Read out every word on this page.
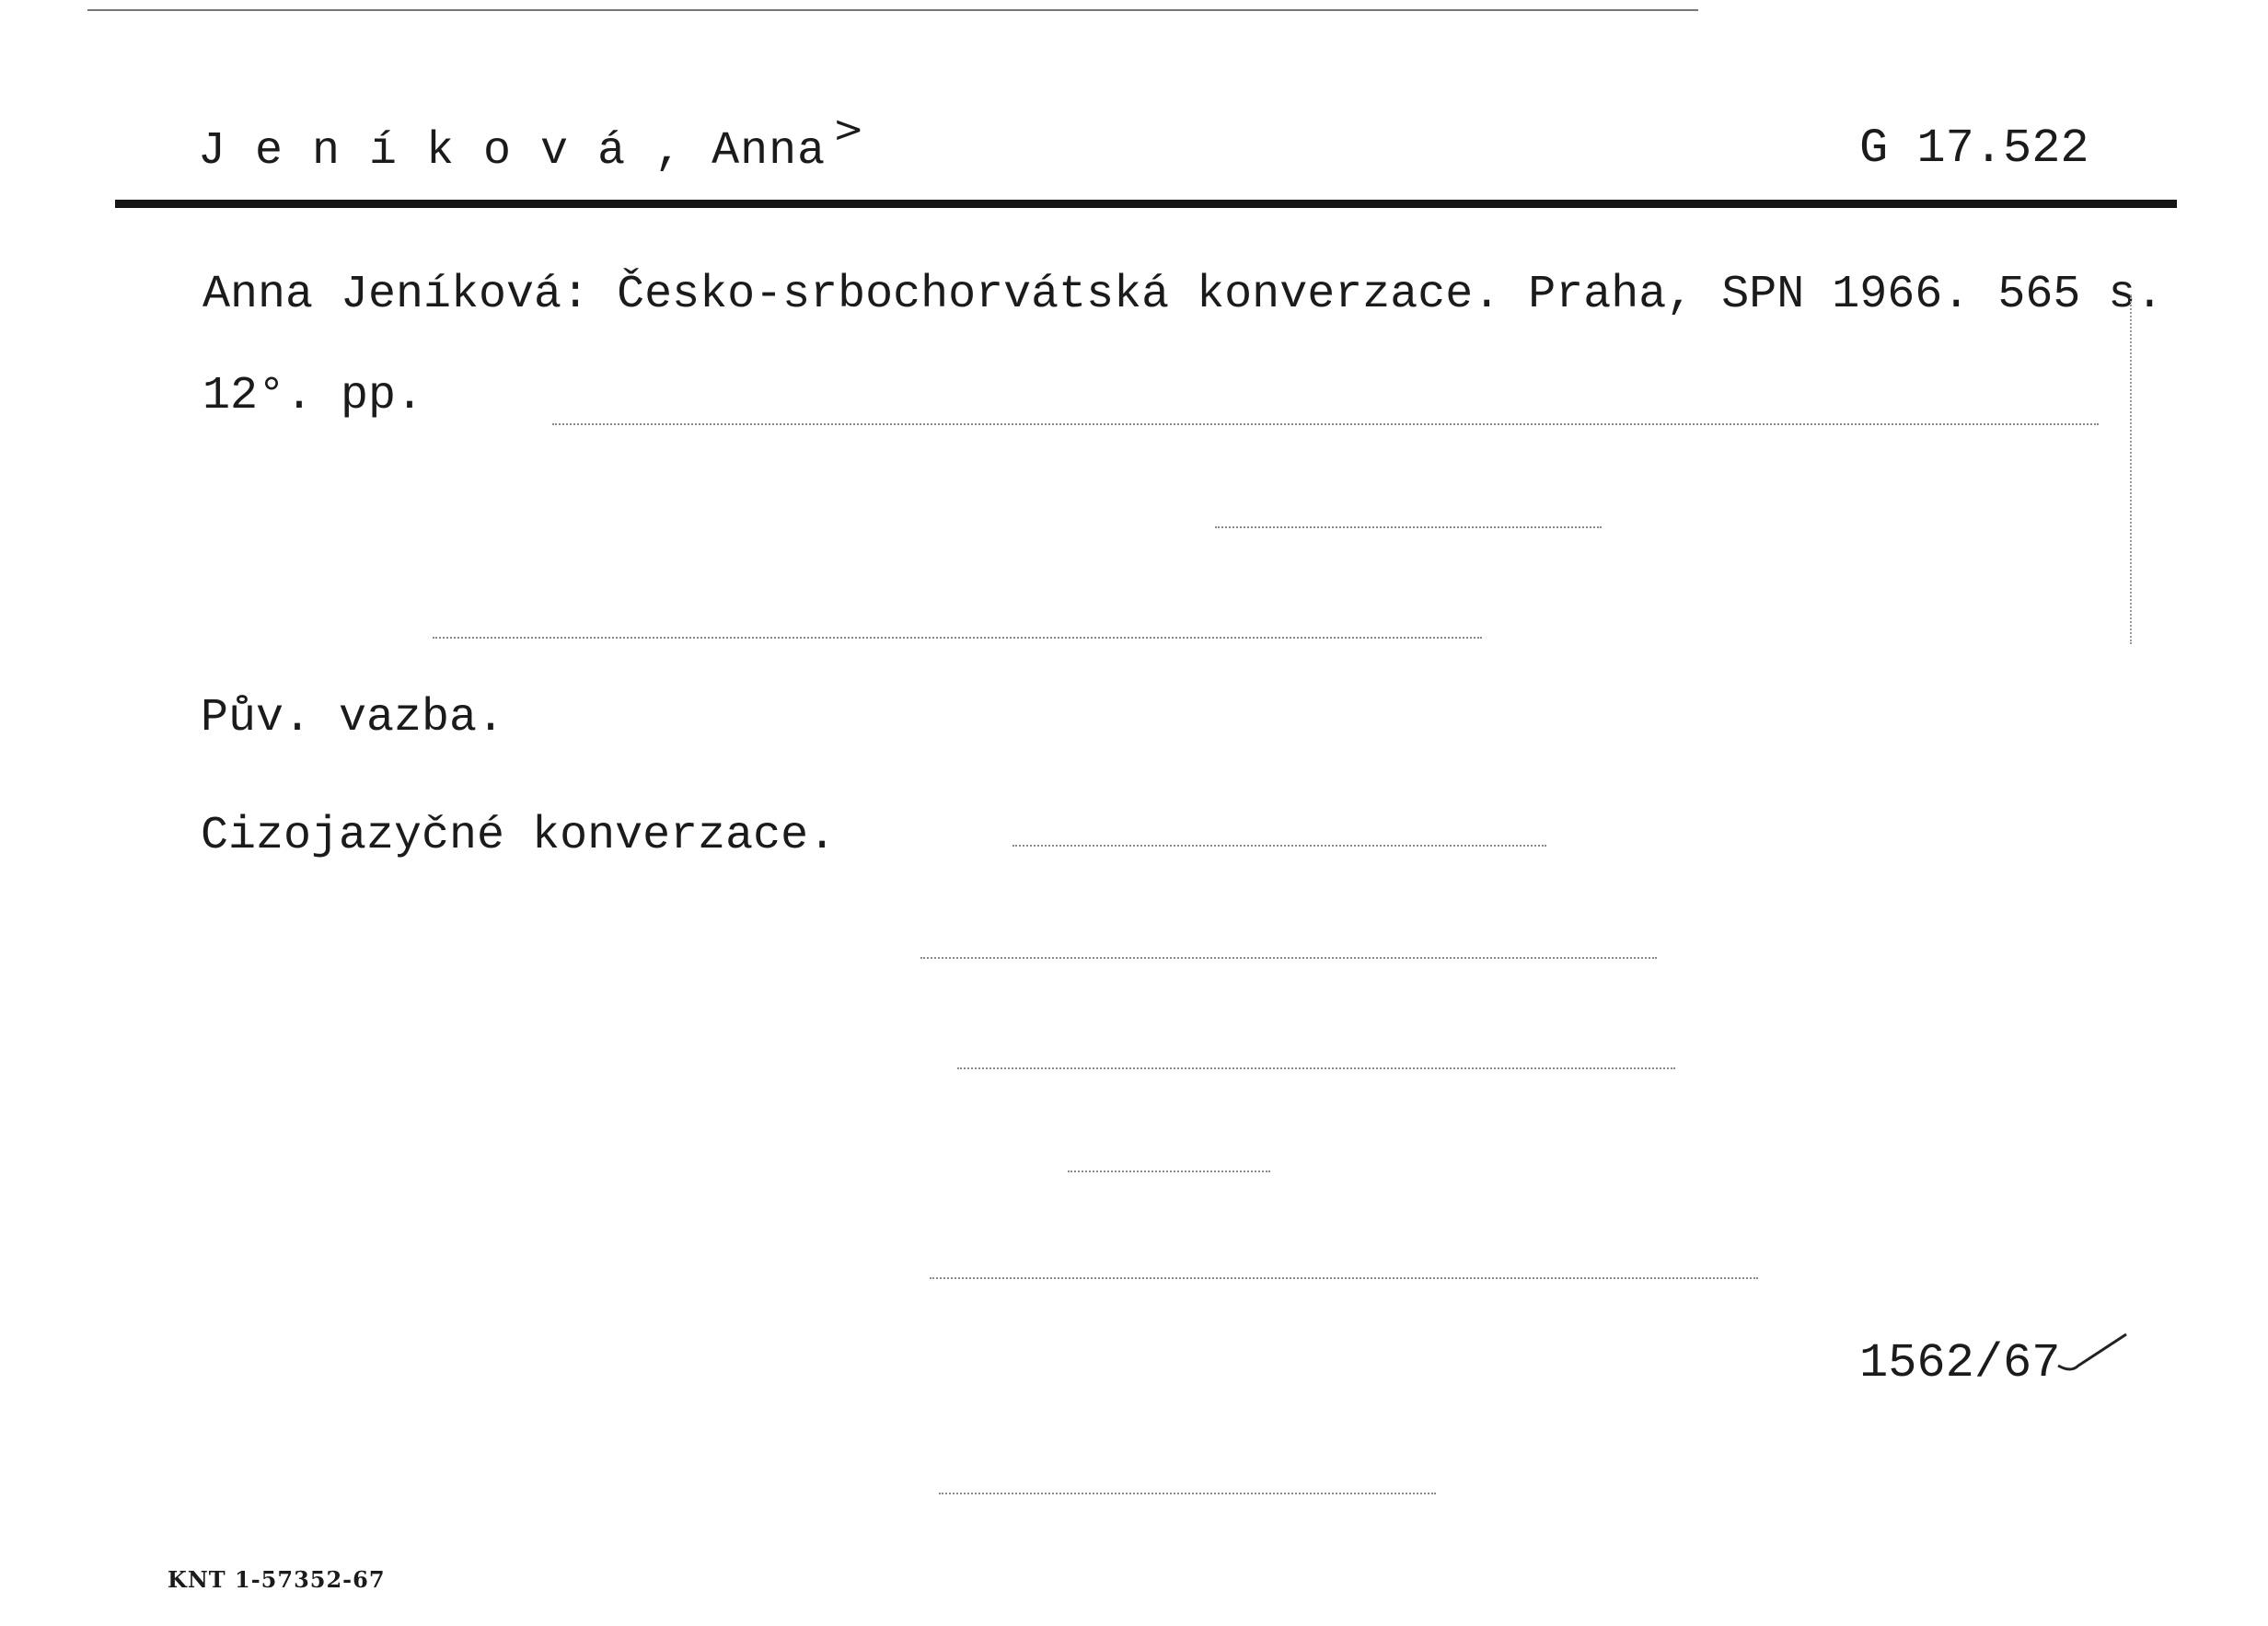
J e n í k o v á , Anna >	G 17.522
Anna Jeníková: Česko-srbochorvátská konverzace. Praha, SPN 1966. 565 s.
12°. pp.
Pův. vazba.
Cizojazyčné konverzace.
1562/67
KNT 1-57352-67
